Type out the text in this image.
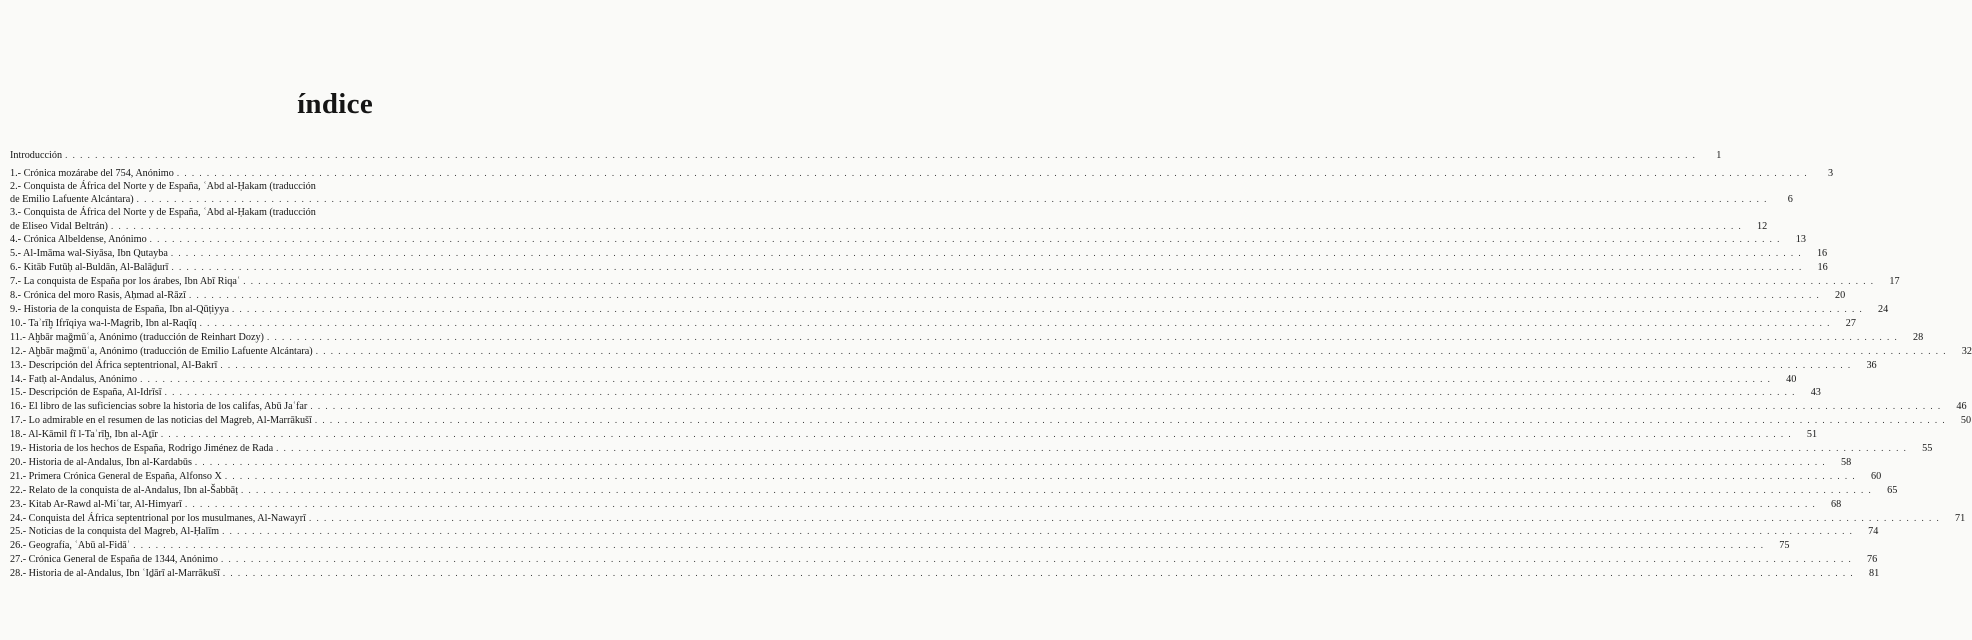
índice
Introducción . . .	1
1.- Crónica mozárabe del 754, Anónimo . . .	3
2.- Conquista de África del Norte y de España, ʿAbd al-Ḥakam (traducción
de Emilio Lafuente Alcántara) . . .	6
3.- Conquista de África del Norte y de España, ʿAbd al-Ḥakam (traducción
de Eliseo Vidal Beltrán) . . .	12
4.- Crónica Albeldense, Anónimo . . .	13
5.- Al-Imāma wal-Siyāsa, Ibn Qutayba . . .	16
6.- Kitāb Futūḥ al-Buldān, Al-Balāḏurī . . .	16
7.- La conquista de España por los árabes, Ibn Abī Riqaʿ . . .	17
8.- Crónica del moro Rasis, Aḥmad al-Rāzī . . .	20
9.- Historia de la conquista de España, Ibn al-Qūṭiyya . . .	24
10.- Taʾrīḫ Ifrīqiya wa-l-Magrib, Ibn al-Raqīq . . .	27
11.- Aḫbār maǧmūʿa, Anónimo (traducción de Reinhart Dozy) . . .	28
12.- Aḫbār maǧmūʿa, Anónimo (traducción de Emilio Lafuente Alcántara) . . .	32
13.- Descripción del África septentrional, Al-Bakrī . . .	36
14.- Fatḥ al-Andalus, Anónimo . . .	40
15.- Descripción de España, Al-Idrīsī . . .	43
16.- El libro de las suficiencias sobre la historia de los califas, Abū Jaʿfar . . .	46
17.- Lo admirable en el resumen de las noticias del Magreb, Al-Marrākušī . . .	50
18.- Al-Kāmil fī l-Taʾrīḫ, Ibn al-Aṯīr . . .	51
19.- Historia de los hechos de España, Rodrigo Jiménez de Rada . . .	55
20.- Historia de al-Andalus, Ibn al-Kardabūs . . .	58
21.- Primera Crónica General de España, Alfonso X . . .	60
22.- Relato de la conquista de al-Andalus, Ibn al-Šabbāṭ . . .	65
23.- Kitab Ar-Rawd al-Miʿtar, Al-Himyarī . . .	68
24.- Conquista del África septentrional por los musulmanes, Al-Nawayrī . . .	71
25.- Noticias de la conquista del Magreb, Al-Ḥalīm . . .	74
26.- Geografía, ʿAbū al-Fidāʾ . . .	75
27.- Crónica General de España de 1344, Anónimo . . .	76
28.- Historia de al-Andalus, Ibn ʿIḏārī al-Marrākušī . . .	81
